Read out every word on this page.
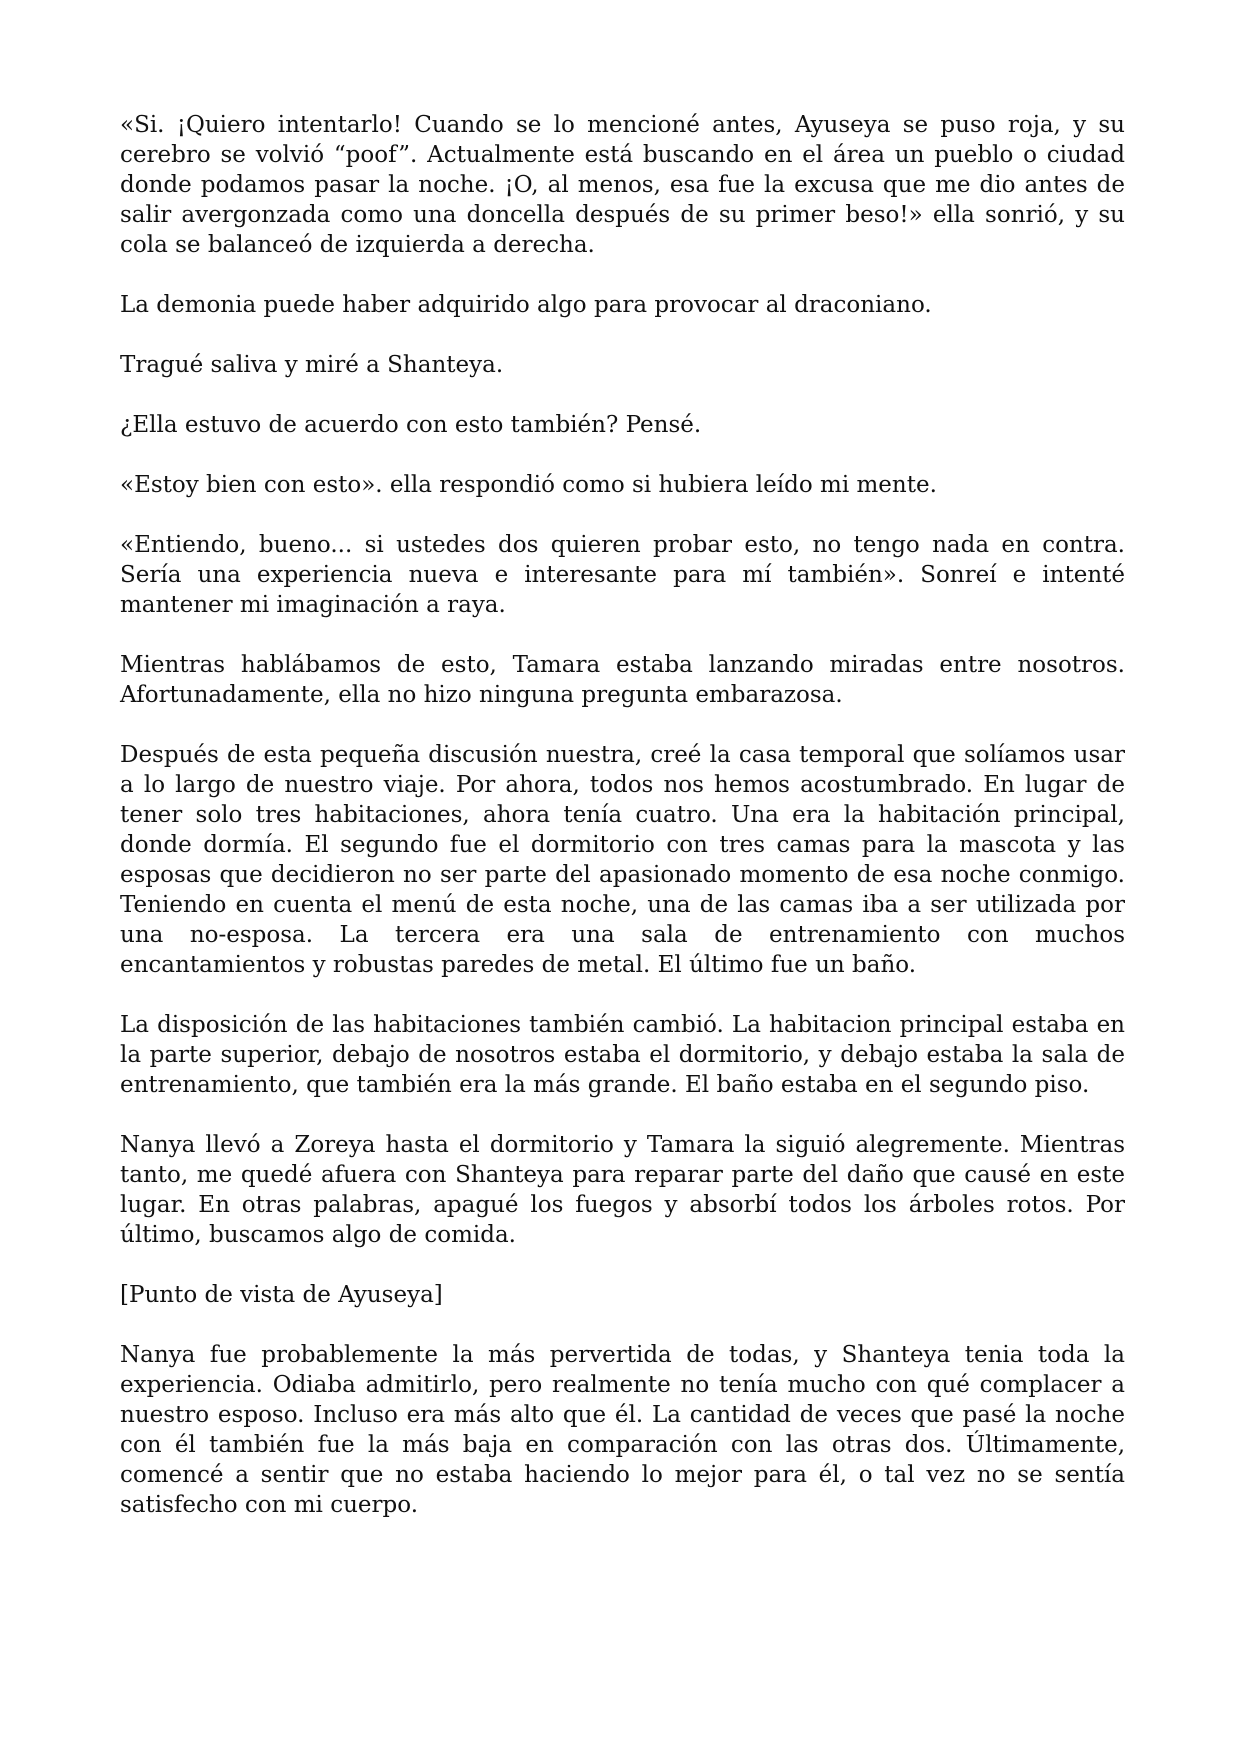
«Si. ¡Quiero intentarlo! Cuando se lo mencioné antes, Ayuseya se puso roja, y su cerebro se volvió “poof”. Actualmente está buscando en el área un pueblo o ciudad donde podamos pasar la noche. ¡O, al menos, esa fue la excusa que me dio antes de salir avergonzada como una doncella después de su primer beso!» ella sonrió, y su cola se balanceó de izquierda a derecha.

La demonia puede haber adquirido algo para provocar al draconiano.

Tragué saliva y miré a Shanteya.

¿Ella estuvo de acuerdo con esto también? Pensé.

«Estoy bien con esto». ella respondió como si hubiera leído mi mente.

«Entiendo, bueno... si ustedes dos quieren probar esto, no tengo nada en contra. Sería una experiencia nueva e interesante para mí también». Sonreí e intenté mantener mi imaginación a raya.

Mientras hablábamos de esto, Tamara estaba lanzando miradas entre nosotros. Afortunadamente, ella no hizo ninguna pregunta embarazosa.

Después de esta pequeña discusión nuestra, creé la casa temporal que solíamos usar a lo largo de nuestro viaje. Por ahora, todos nos hemos acostumbrado. En lugar de tener solo tres habitaciones, ahora tenía cuatro. Una era la habitación principal, donde dormía. El segundo fue el dormitorio con tres camas para la mascota y las esposas que decidieron no ser parte del apasionado momento de esa noche conmigo. Teniendo en cuenta el menú de esta noche, una de las camas iba a ser utilizada por una no-esposa. La tercera era una sala de entrenamiento con muchos encantamientos y robustas paredes de metal. El último fue un baño.

La disposición de las habitaciones también cambió. La habitacion principal estaba en la parte superior, debajo de nosotros estaba el dormitorio, y debajo estaba la sala de entrenamiento, que también era la más grande. El baño estaba en el segundo piso.

Nanya llevó a Zoreya hasta el dormitorio y Tamara la siguió alegremente. Mientras tanto, me quedé afuera con Shanteya para reparar parte del daño que causé en este lugar. En otras palabras, apagué los fuegos y absorbí todos los árboles rotos. Por último, buscamos algo de comida.

[Punto de vista de Ayuseya]

Nanya fue probablemente la más pervertida de todas, y Shanteya tenia toda la experiencia. Odiaba admitirlo, pero realmente no tenía mucho con qué complacer a nuestro esposo. Incluso era más alto que él. La cantidad de veces que pasé la noche con él también fue la más baja en comparación con las otras dos. Últimamente, comencé a sentir que no estaba haciendo lo mejor para él, o tal vez no se sentía satisfecho con mi cuerpo.
